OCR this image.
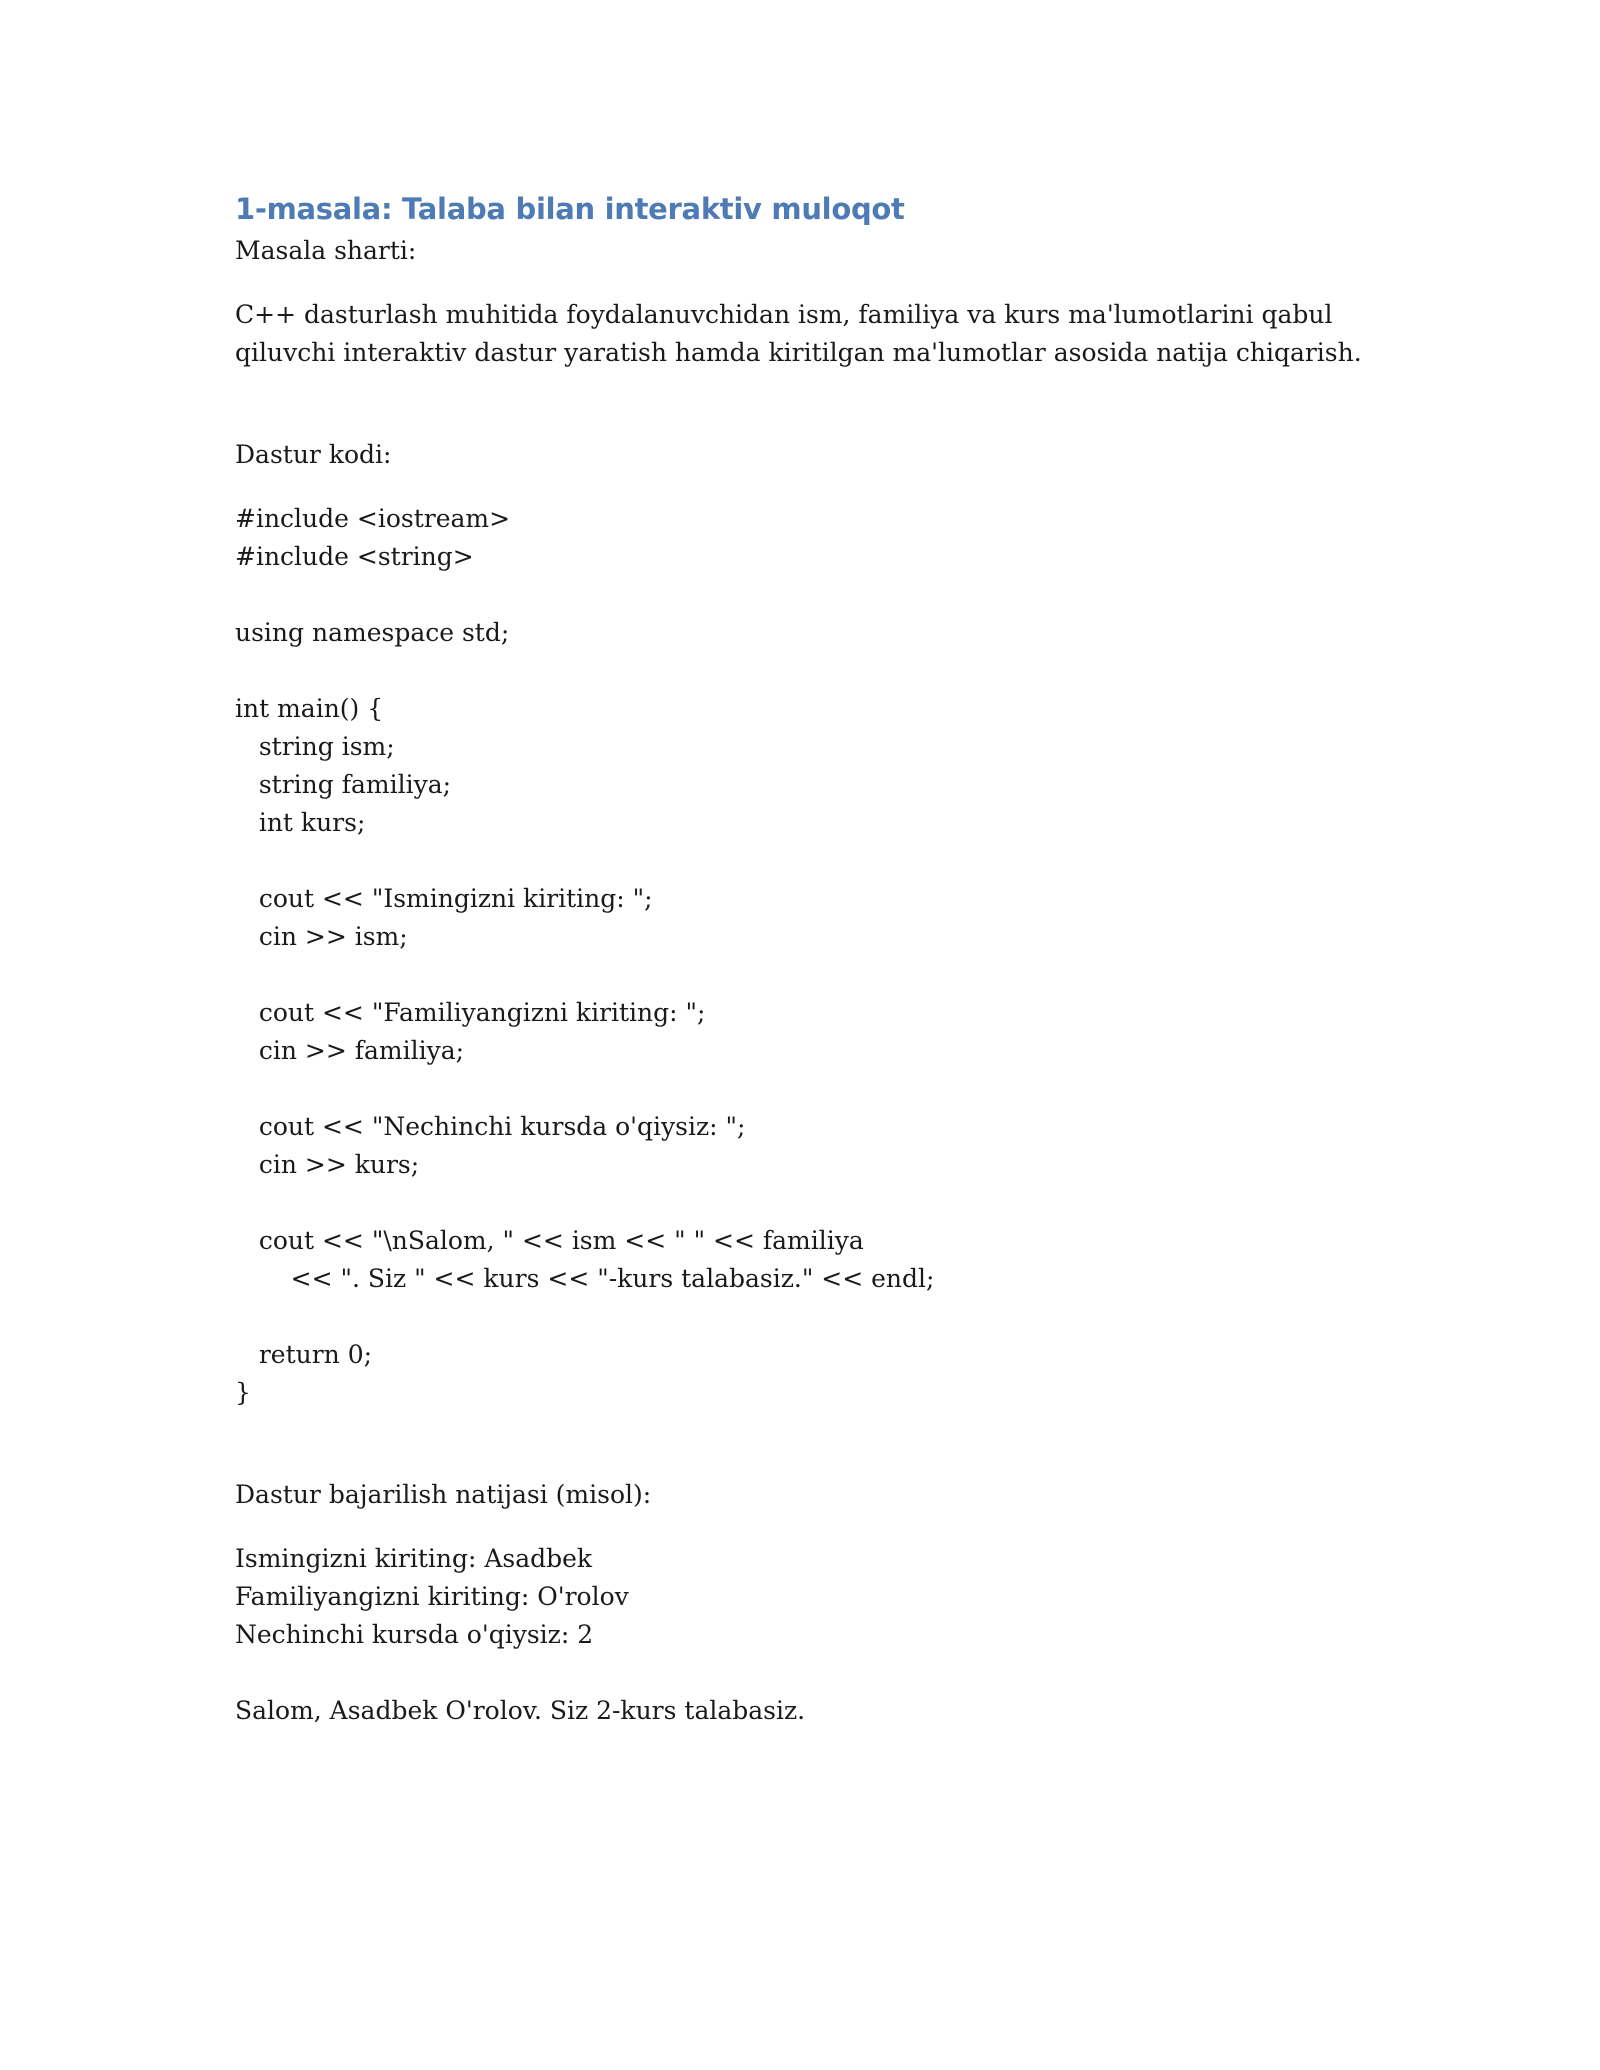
1-masala: Talaba bilan interaktiv muloqot

Masala sharti:

C++ dasturlash muhitida foydalanuvchidan ism, familiya va kurs ma'lumotlarini qabul qiluvchi interaktiv dastur yaratish hamda kiritilgan ma'lumotlar asosida natija chiqarish.

Dastur kodi:

#include <iostream>

#include <string>

using namespace std;

int main() {

string ism;

string familiya;

int kurs;

cout << "Ismingizni kiriting: ";

cin >> ism;

cout << "Familiyangizni kiriting: ";

cin >> familiya;

cout << "Nechinchi kursda o'qiysiz: ";

cin >> kurs;

cout << "\nSalom, " << ism << " " << familiya

<< ". Siz " << kurs << "-kurs talabasiz." << endl;

return 0;

}

Dastur bajarilish natijasi (misol):

Ismingizni kiriting: Asadbek

Familiyangizni kiriting: O'rolov

Nechinchi kursda o'qiysiz: 2

Salom, Asadbek O'rolov. Siz 2-kurs talabasiz.
